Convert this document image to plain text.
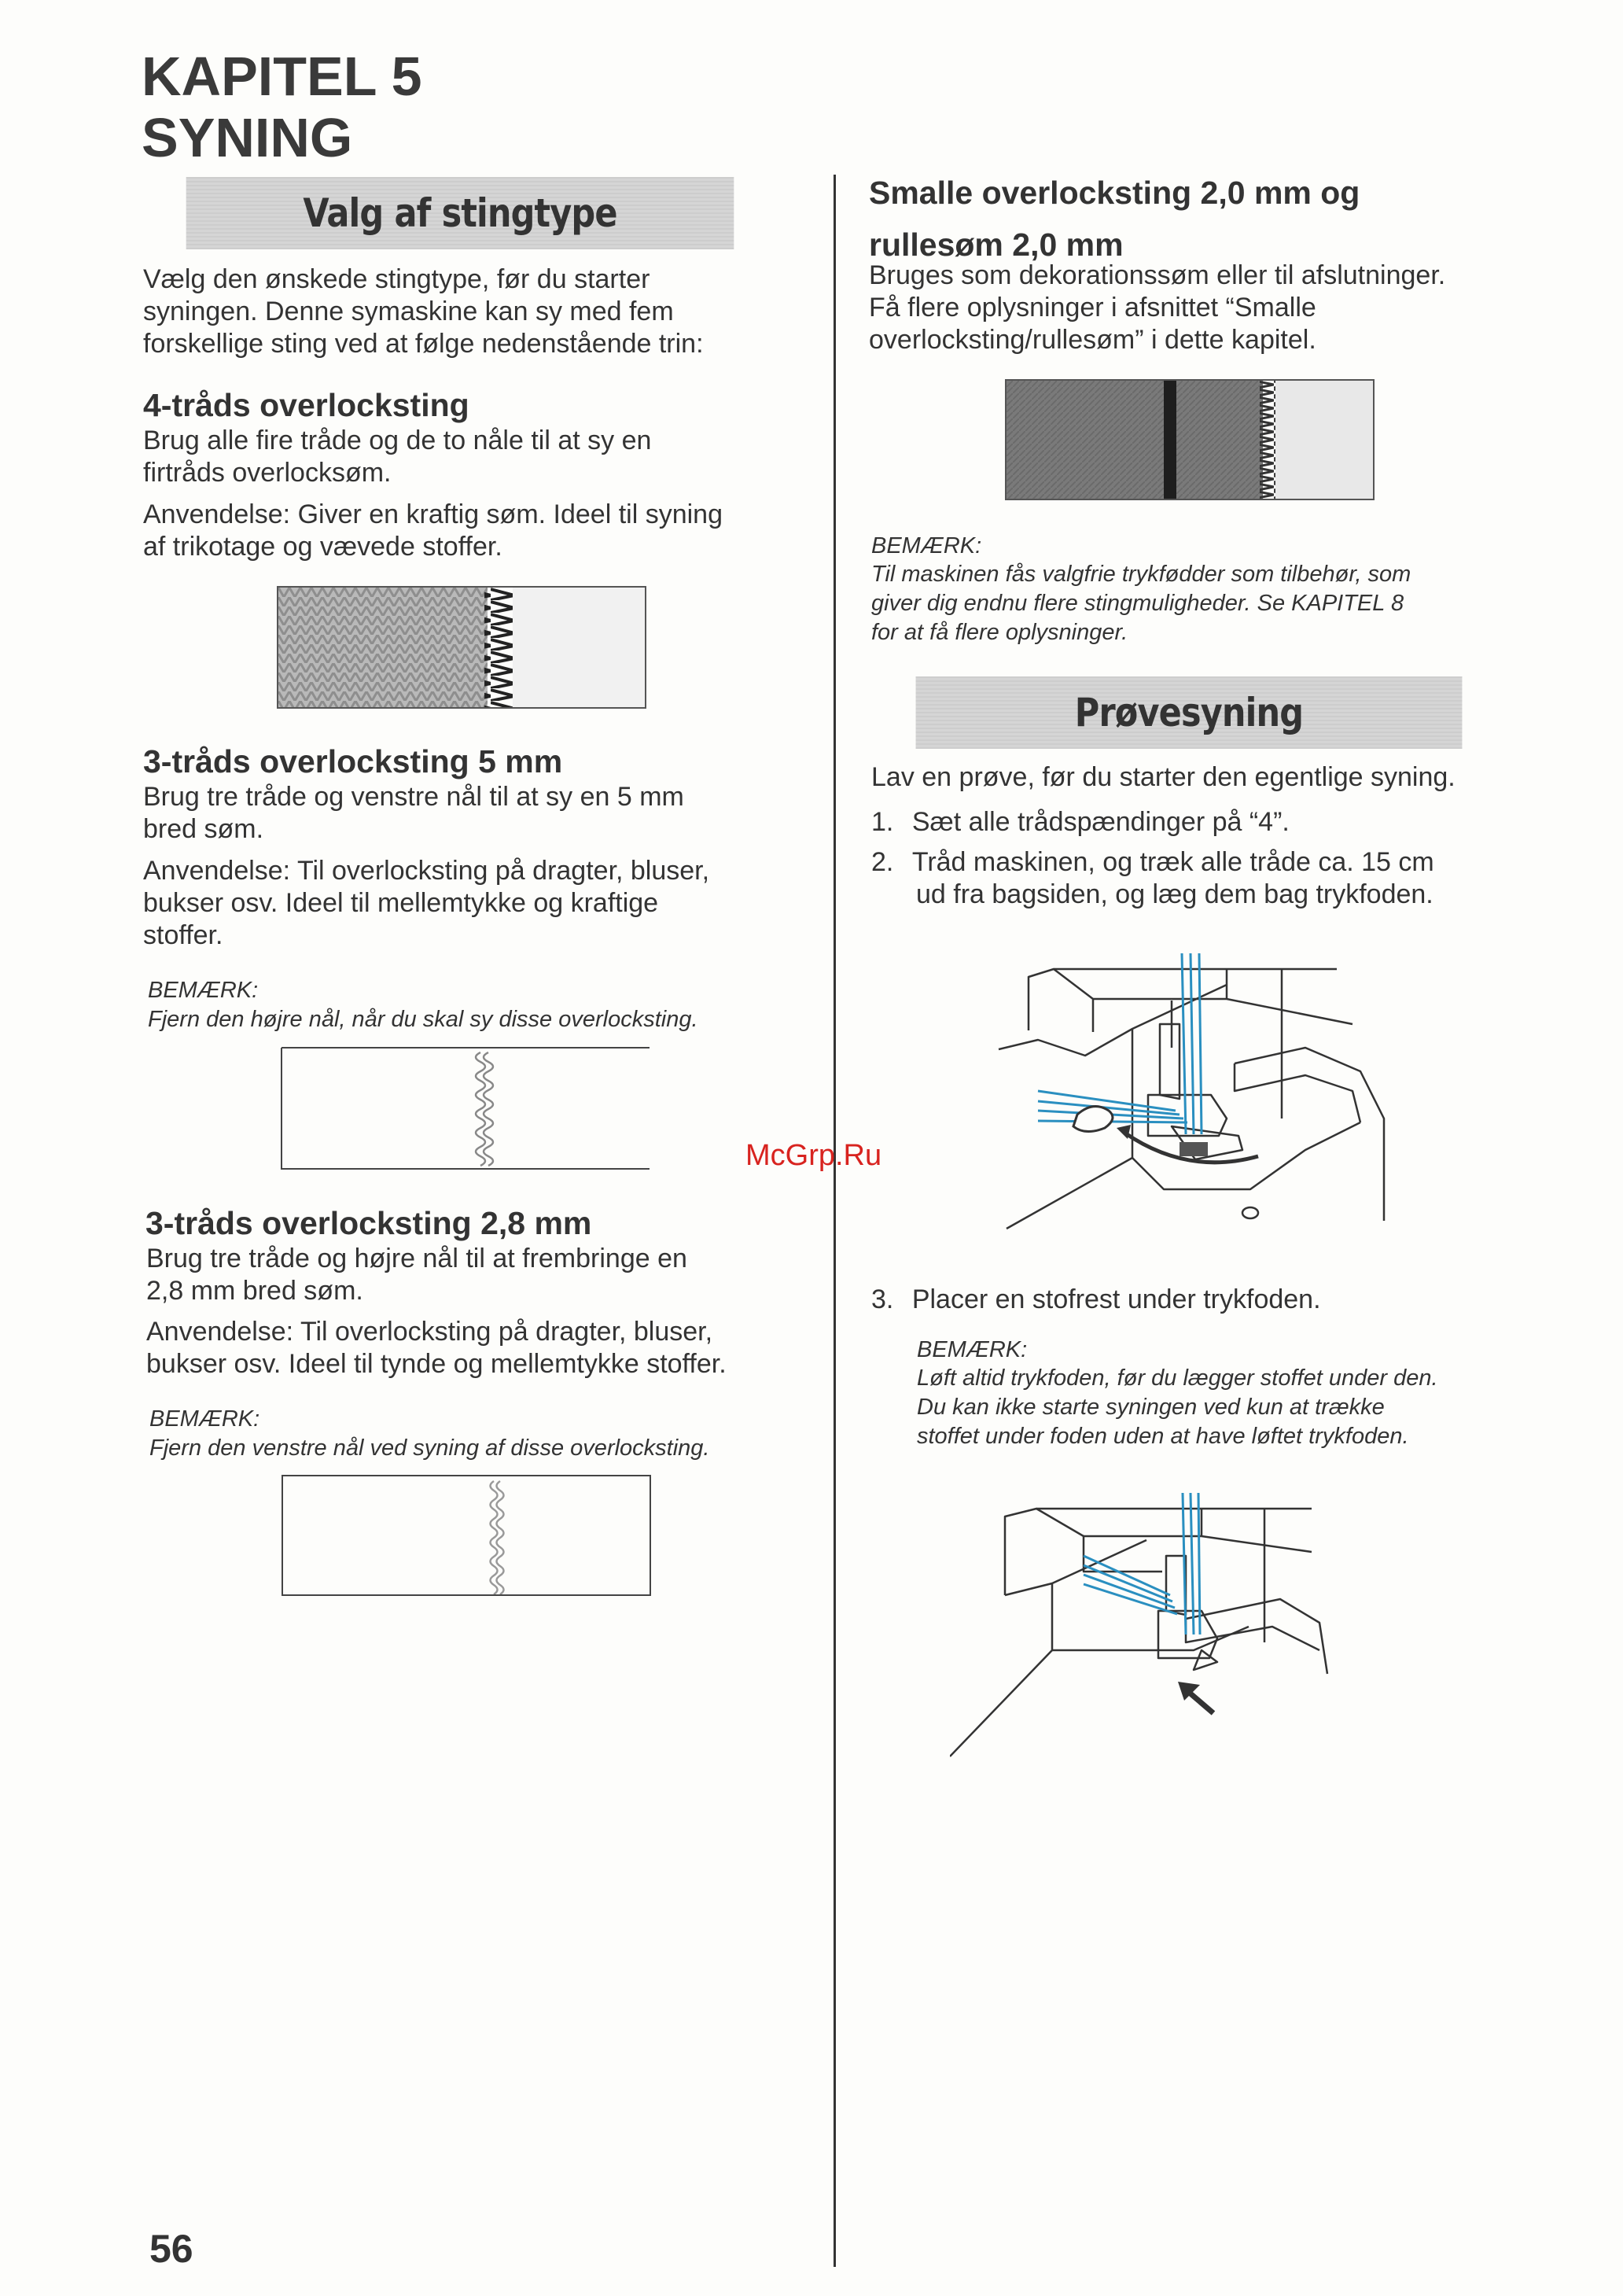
KAPITEL 5
SYNING
Valg af stingtype
Vælg den ønskede stingtype, før du starter
syningen. Denne symaskine kan sy med fem
forskellige sting ved at følge nedenstående trin:
4-tråds overlocksting
Brug alle fire tråde og de to nåle til at sy en
firtråds overlocksøm.
Anvendelse: Giver en kraftig søm. Ideel til syning
af trikotage og vævede stoffer.
3-tråds overlocksting 5 mm
Brug tre tråde og venstre nål til at sy en 5 mm
bred søm.
Anvendelse: Til overlocksting på dragter, bluser,
bukser osv. Ideel til mellemtykke og kraftige
stoffer.
BEMÆRK:
Fjern den højre nål, når du skal sy disse overlocksting.
3-tråds overlocksting 2,8 mm
Brug tre tråde og højre nål til at frembringe en
2,8 mm bred søm.
Anvendelse: Til overlocksting på dragter, bluser,
bukser osv. Ideel til tynde og mellemtykke stoffer.
BEMÆRK:
Fjern den venstre nål ved syning af disse overlocksting.
Smalle overlocksting 2,0 mm og
rullesøm 2,0 mm
Bruges som dekorationssøm eller til afslutninger.
Få flere oplysninger i afsnittet “Smalle
overlocksting/rullesøm” i dette kapitel.
BEMÆRK:
Til maskinen fås valgfrie trykfødder som tilbehør, som
giver dig endnu flere stingmuligheder. Se KAPITEL 8
for at få flere oplysninger.
Prøvesyning
Lav en prøve, før du starter den egentlige syning.
1. Sæt alle trådspændinger på “4”.
2. Tråd maskinen, og træk alle tråde ca. 15 cm
ud fra bagsiden, og læg dem bag trykfoden.
3. Placer en stofrest under trykfoden.
BEMÆRK:
Løft altid trykfoden, før du lægger stoffet under den.
Du kan ikke starte syningen ved kun at trække
stoffet under foden uden at have løftet trykfoden.
56
McGrp.Ru
